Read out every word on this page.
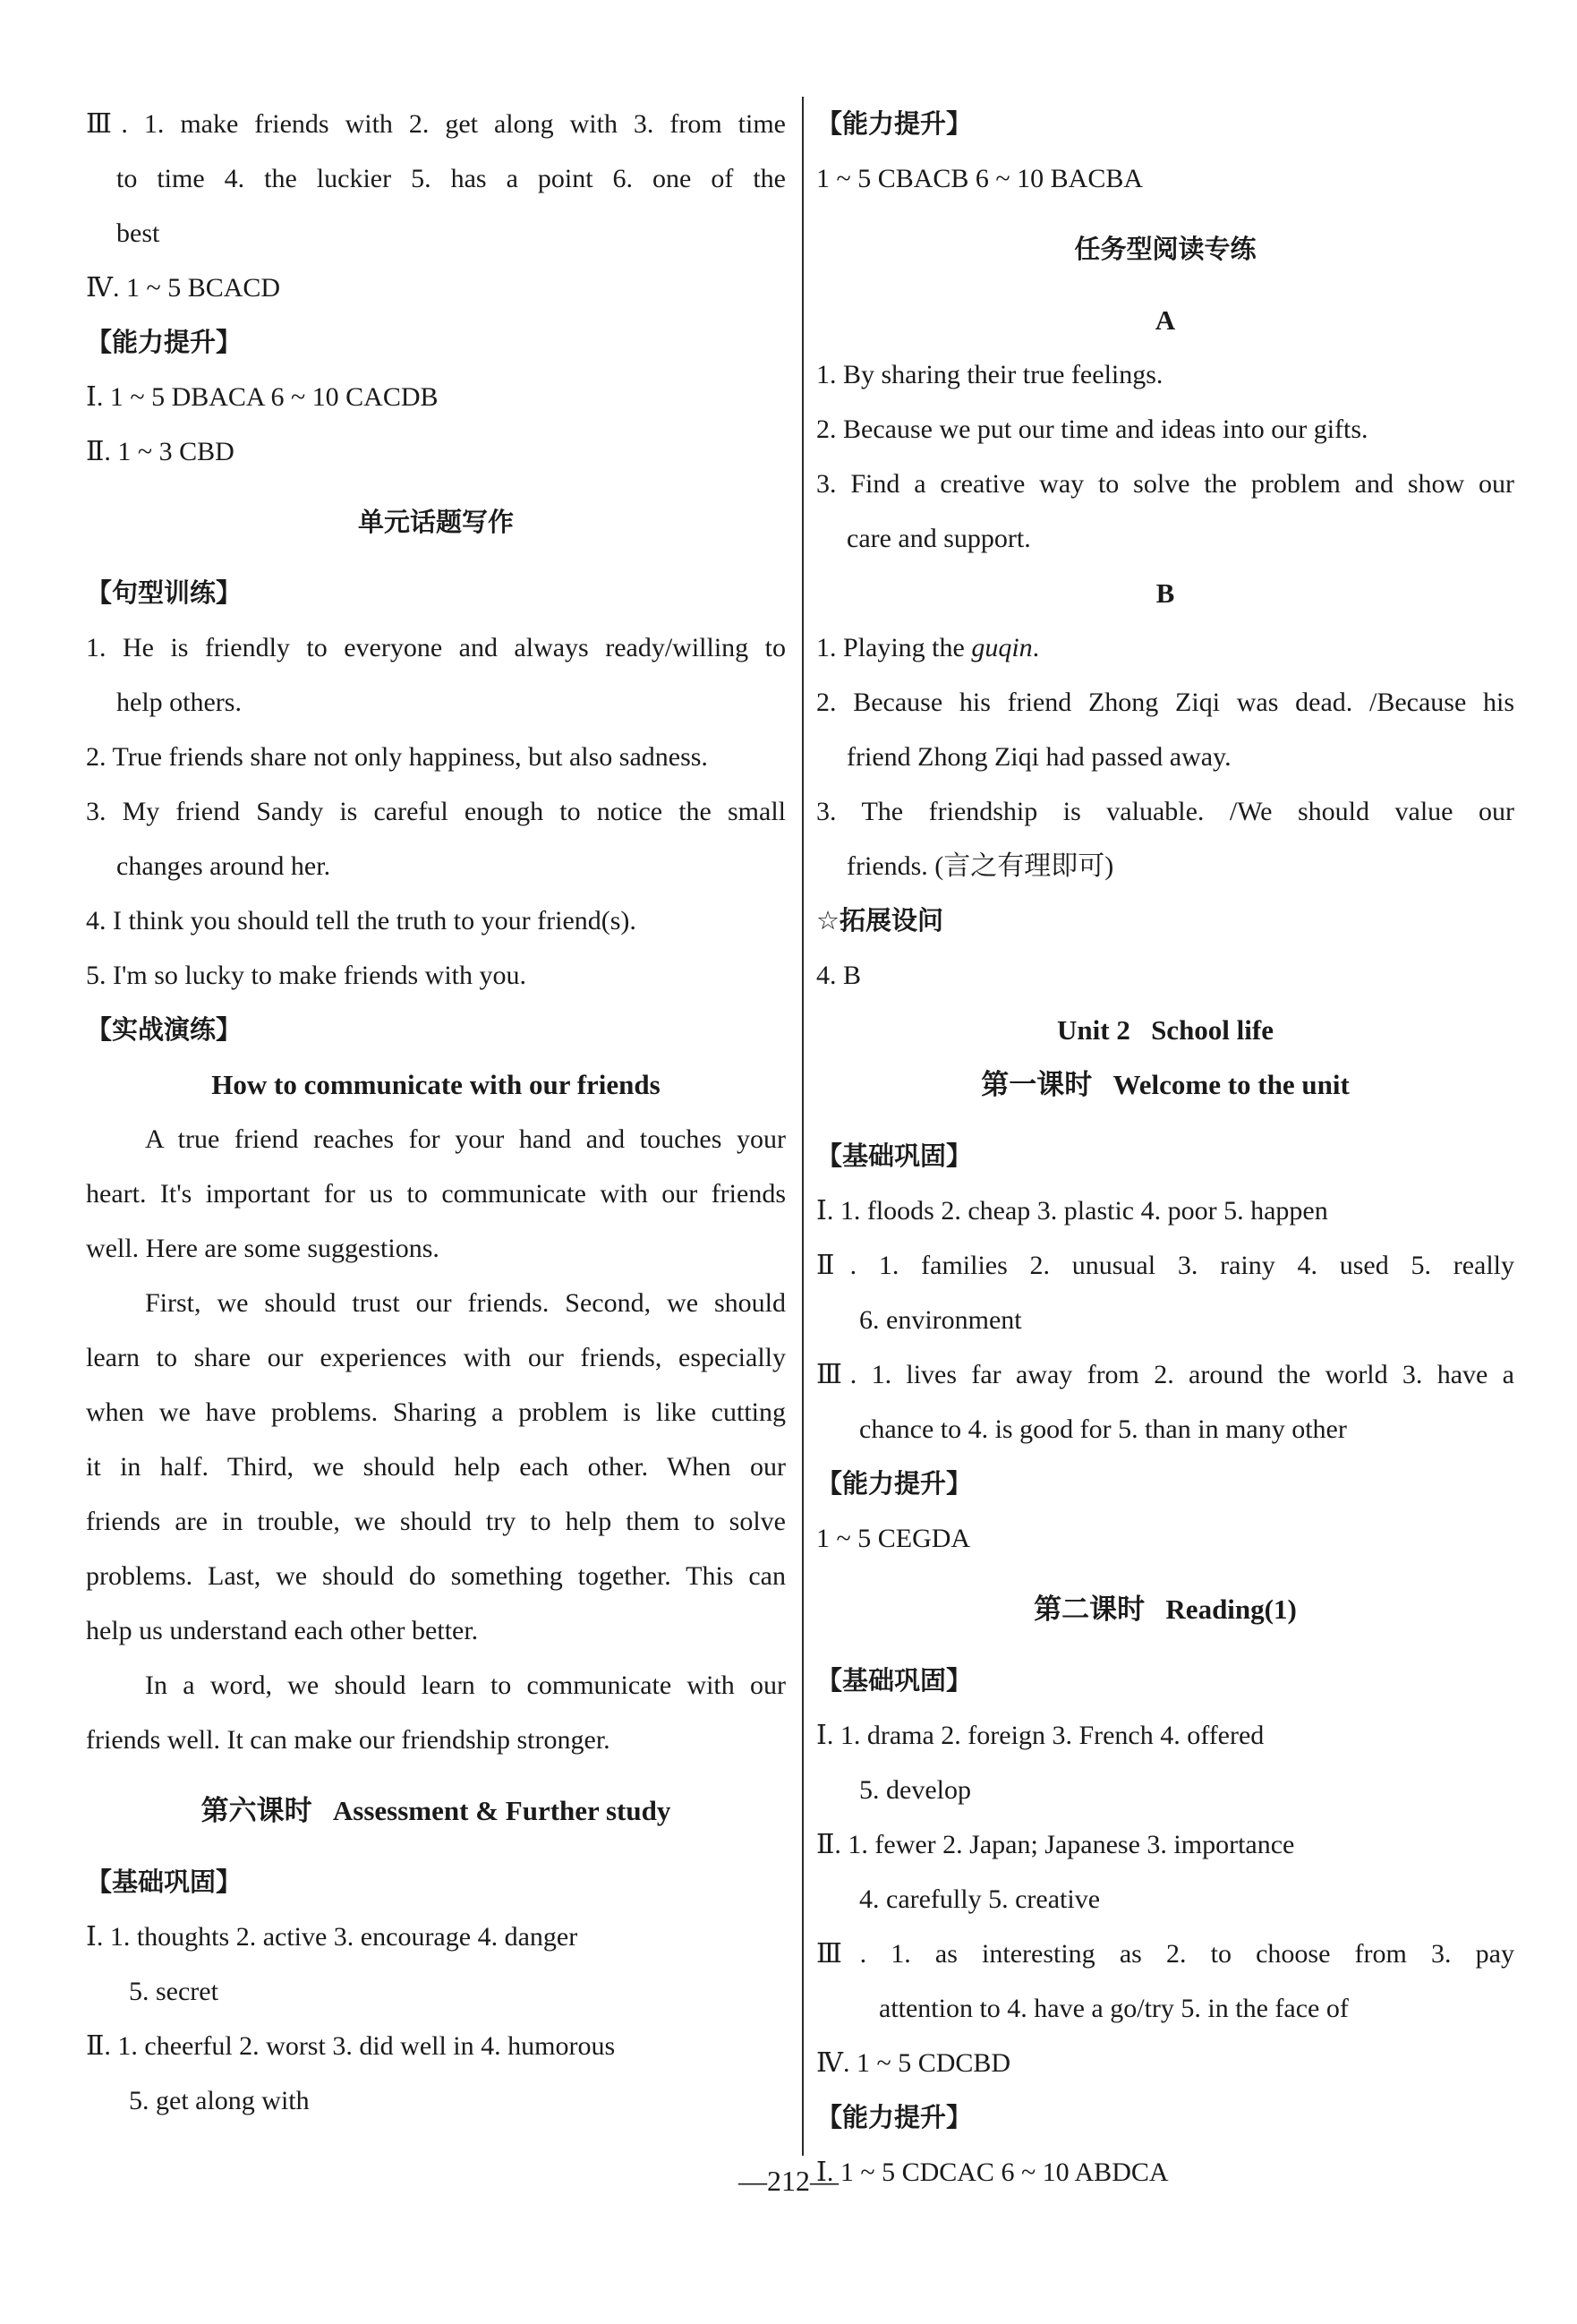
Ⅲ. 1. make friends with 2. get along with 3. from time
to time 4. the luckier 5. has a point 6. one of the
best
Ⅳ. 1 ~ 5 BCACD
【能力提升】
Ⅰ. 1 ~ 5 DBACA 6 ~ 10 CACDB
Ⅱ. 1 ~ 3 CBD
单元话题写作
【句型训练】
1. He is friendly to everyone and always ready/willing to
help others.
2. True friends share not only happiness, but also sadness.
3. My friend Sandy is careful enough to notice the small
changes around her.
4. I think you should tell the truth to your friend(s).
5. I'm so lucky to make friends with you.
【实战演练】
How to communicate with our friends
A true friend reaches for your hand and touches your
heart. It's important for us to communicate with our friends
well. Here are some suggestions.
First, we should trust our friends. Second, we should
learn to share our experiences with our friends, especially
when we have problems. Sharing a problem is like cutting
it in half. Third, we should help each other. When our
friends are in trouble, we should try to help them to solve
problems. Last, we should do something together. This can
help us understand each other better.
In a word, we should learn to communicate with our
friends well. It can make our friendship stronger.
第六课时 Assessment & Further study
【基础巩固】
Ⅰ. 1. thoughts 2. active 3. encourage 4. danger
5. secret
Ⅱ. 1. cheerful 2. worst 3. did well in 4. humorous
5. get along with
【能力提升】
1 ~ 5 CBACB 6 ~ 10 BACBA
任务型阅读专练
A
1. By sharing their true feelings.
2. Because we put our time and ideas into our gifts.
3. Find a creative way to solve the problem and show our
care and support.
B
1. Playing the guqin.
2. Because his friend Zhong Ziqi was dead. /Because his
friend Zhong Ziqi had passed away.
3. The friendship is valuable. /We should value our
friends. (言之有理即可)
☆拓展设问
4. B
Unit 2   School life
第一课时 Welcome to the unit
【基础巩固】
Ⅰ. 1. floods 2. cheap 3. plastic 4. poor 5. happen
Ⅱ. 1. families 2. unusual 3. rainy 4. used 5. really
6. environment
Ⅲ. 1. lives far away from 2. around the world 3. have a
chance to 4. is good for 5. than in many other
【能力提升】
1 ~ 5 CEGDA
第二课时 Reading(1)
【基础巩固】
Ⅰ. 1. drama 2. foreign 3. French 4. offered
5. develop
Ⅱ. 1. fewer 2. Japan; Japanese 3. importance
4. carefully 5. creative
Ⅲ. 1. as interesting as 2. to choose from 3. pay
attention to 4. have a go/try 5. in the face of
Ⅳ. 1 ~ 5 CDCBD
【能力提升】
Ⅰ. 1 ~ 5 CDCAC 6 ~ 10 ABDCA
—212—
